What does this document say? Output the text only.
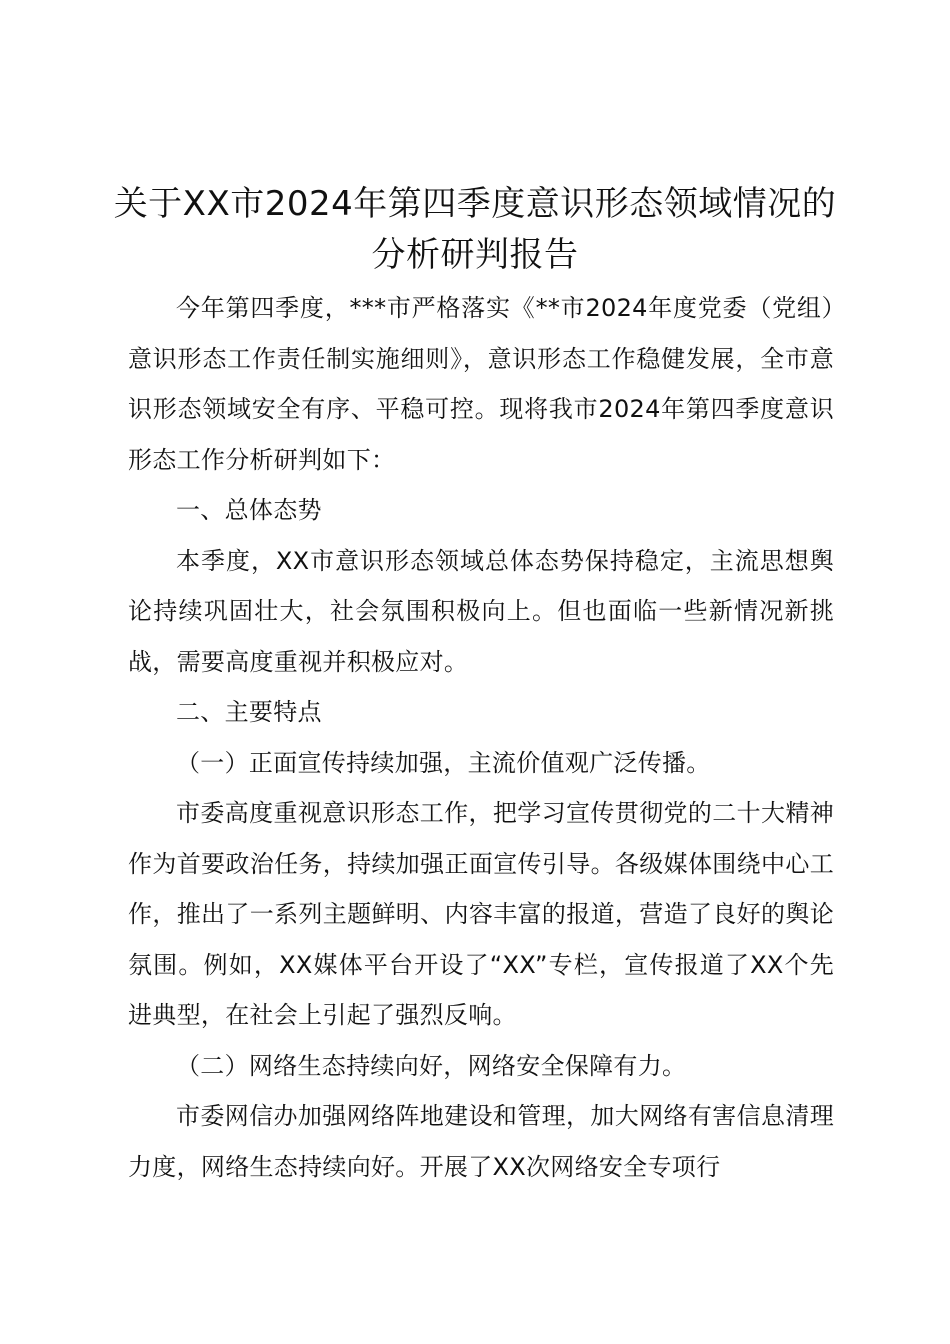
关于XX市2024年第四季度意识形态领域情况的分析研判报告

今年第四季度，***市严格落实《**市2024年度党委（党组）意识形态工作责任制实施细则》，意识形态工作稳健发展，全市意识形态领域安全有序、平稳可控。现将我市2024年第四季度意识形态工作分析研判如下：

一、总体态势

本季度，XX市意识形态领域总体态势保持稳定，主流思想舆论持续巩固壮大，社会氛围积极向上。但也面临一些新情况新挑战，需要高度重视并积极应对。

二、主要特点

（一）正面宣传持续加强，主流价值观广泛传播。

市委高度重视意识形态工作，把学习宣传贯彻党的二十大精神作为首要政治任务，持续加强正面宣传引导。各级媒体围绕中心工作，推出了一系列主题鲜明、内容丰富的报道，营造了良好的舆论氛围。例如，XX媒体平台开设了“XX”专栏，宣传报道了XX个先进典型，在社会上引起了强烈反响。

（二）网络生态持续向好，网络安全保障有力。

市委网信办加强网络阵地建设和管理，加大网络有害信息清理力度，网络生态持续向好。开展了XX次网络安全专项行
